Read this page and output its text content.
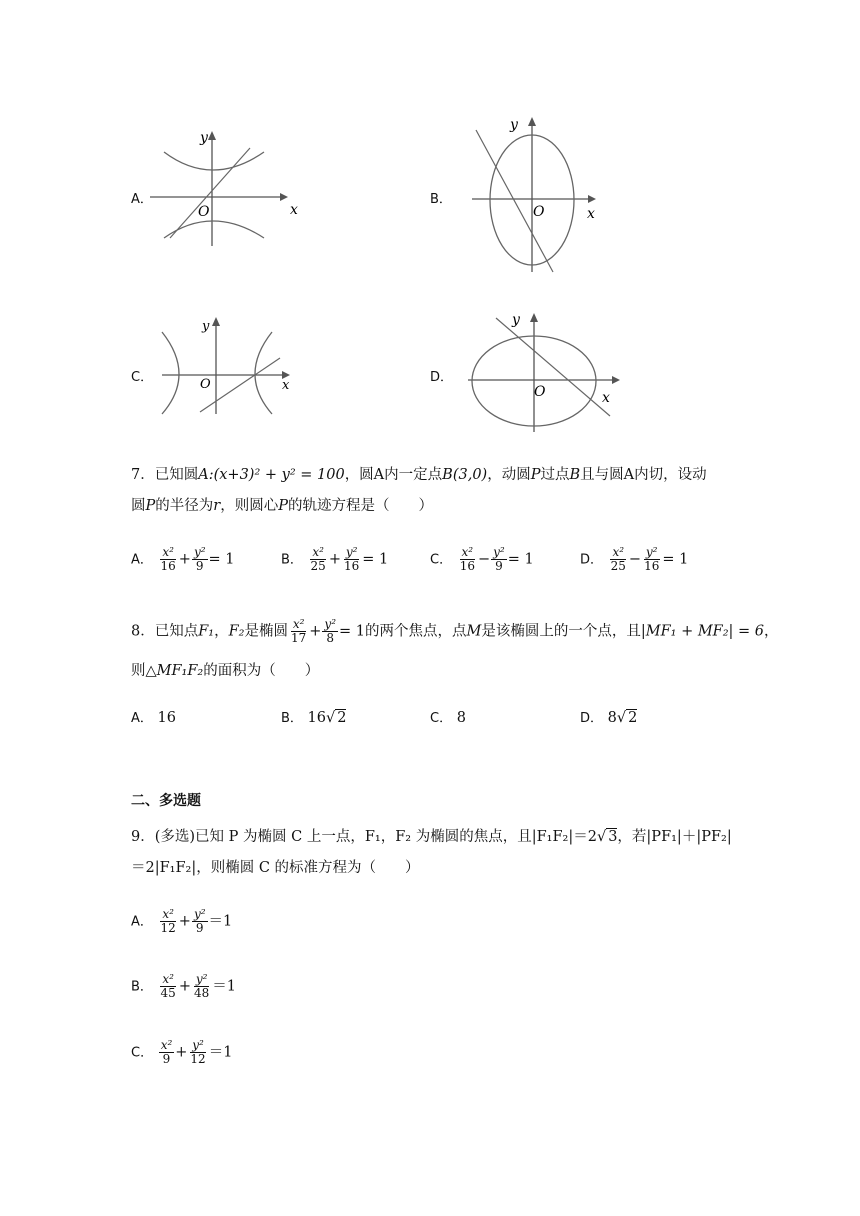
A．
y
O	x
B．
y
O	x
C．
y
O	x
D．
y
O	x
7．已知圆A:(x+3)² + y² = 100，圆A内一定点B(3,0)，动圆P过点B且与圆A内切，设动
圆P的半径为r，则圆心P的轨迹方程是（　　）
A． $\frac{\text{x²}}{16} + \frac{\text{y²}}{9} = 1$	B． $\frac{\text{x²}}{25} + \frac{\text{y²}}{16} = 1$	C． $\frac{\text{x²}}{16} - \frac{\text{y²}}{9} = 1$	D． $\frac{\text{x²}}{25} - \frac{\text{y²}}{16} = 1$
8．已知点F₁，F₂是椭圆 $\frac{\text{x²}}{17} + \frac{\text{y²}}{8} = 1$的两个焦点，点M是该椭圆上的一个点，且|MF₁ + MF₂| = 6，
则△MF₁F₂的面积为（　　）
A． 16	B． 16√ 2	C． 8	D． 8√ 2
二、多选题
9．(多选)已知 P 为椭圆 C 上一点，F₁，F₂ 为椭圆的焦点，且|F₁F₂|＝2√ 3，若|PF₁|＋|PF₂|
＝2|F₁F₂|，则椭圆 C 的标准方程为（　　）
A． $\frac{\text{x²}}{12} + \frac{\text{y²}}{9} =1$
B． $\frac{\text{x²}}{45} + \frac{\text{y²}}{48} =1$
C． $\frac{\text{x²}}{9} + \frac{\text{y²}}{12} =1$
